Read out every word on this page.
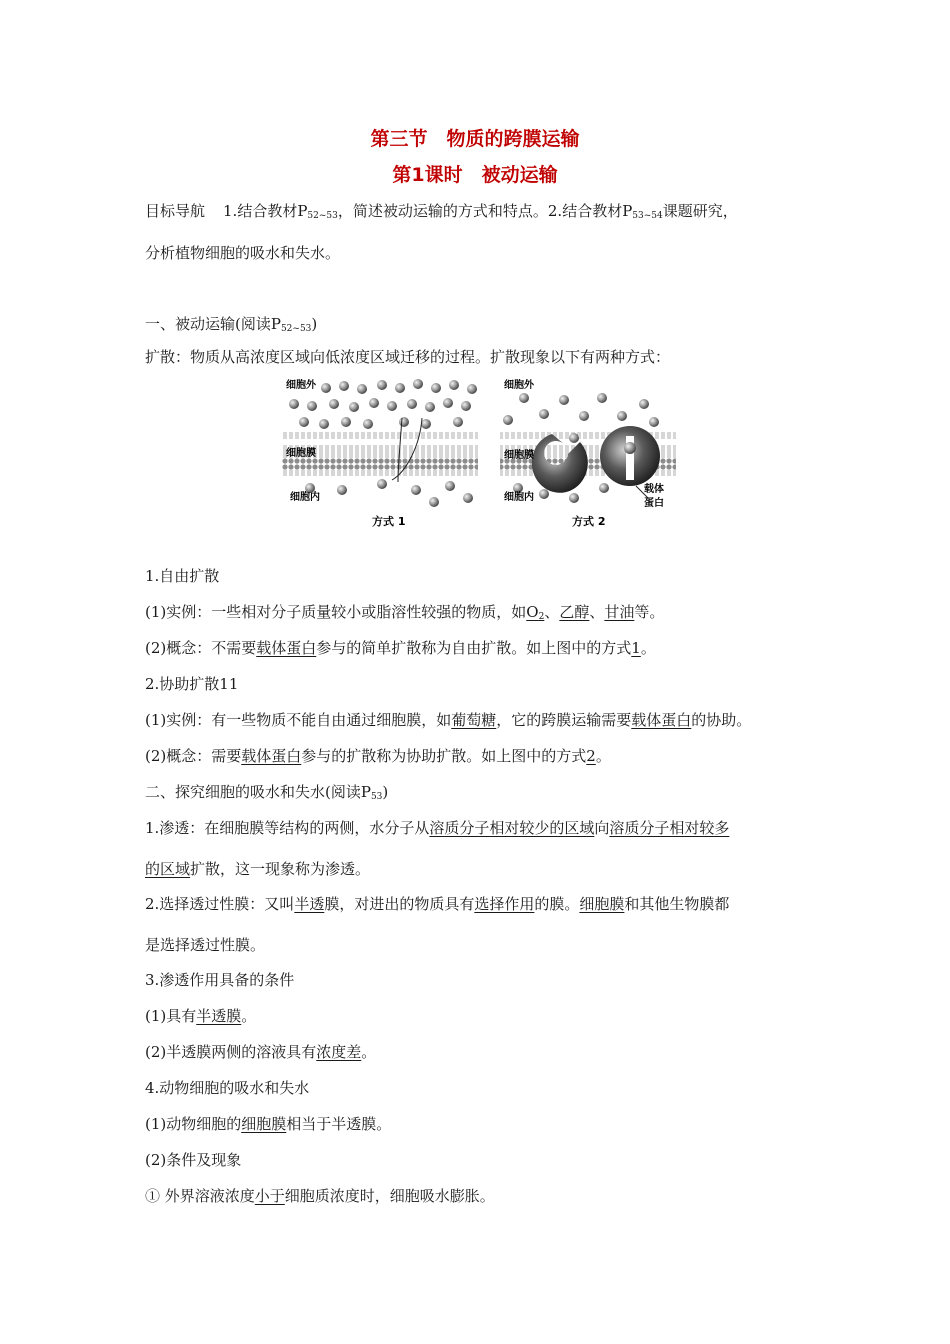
第三节　物质的跨膜运输
第1课时　被动运输
目标导航 1.结合教材$P_{52\sim 53}$，简述被动运输的方式和特点。2.结合教材$P_{53\sim 54}$课题研究，
分析植物细胞的吸水和失水。
一、被动运输(阅读$P_{52\sim 53}$)
扩散：物质从高浓度区域向低浓度区域迁移的过程。扩散现象以下有两种方式：
细胞外
细胞膜
细胞内
方式 1
细胞外
细胞膜
细胞内
载体
蛋白
方式 2
1.自由扩散
(1)实例：一些相对分子质量较小或脂溶性较强的物质，如$O_2$、乙醇、甘油等。
(2)概念：不需要载体蛋白参与的简单扩散称为自由扩散。如上图中的方式1。
2.协助扩散11
(1)实例：有一些物质不能自由通过细胞膜，如葡萄糖，它的跨膜运输需要载体蛋白的协助。
(2)概念：需要载体蛋白参与的扩散称为协助扩散。如上图中的方式2。
二、探究细胞的吸水和失水(阅读$P_{53}$)
1.渗透：在细胞膜等结构的两侧，水分子从溶质分子相对较少的区域向溶质分子相对较多
的区域扩散，这一现象称为渗透。
2.选择透过性膜：又叫半透膜，对进出的物质具有选择作用的膜。细胞膜和其他生物膜都
是选择透过性膜。
3.渗透作用具备的条件
(1)具有半透膜。
(2)半透膜两侧的溶液具有浓度差。
4.动物细胞的吸水和失水
(1)动物细胞的细胞膜相当于半透膜。
(2)条件及现象
① 外界溶液浓度小于细胞质浓度时，细胞吸水膨胀。
